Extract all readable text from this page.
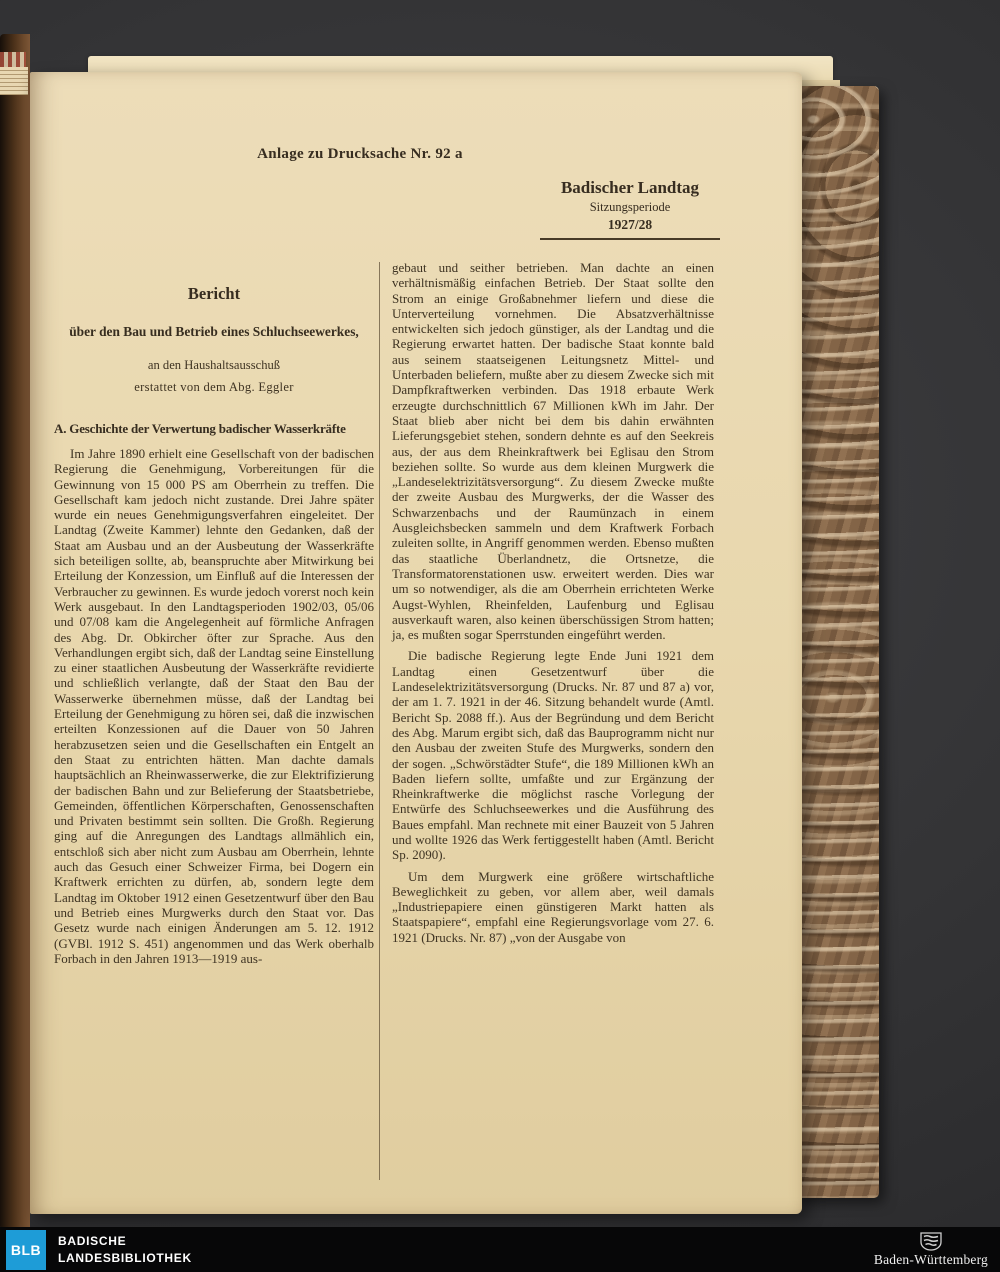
Anlage zu Drucksache Nr. 92 a
Badischer Landtag
Sitzungsperiode
1927/28
Bericht
über den Bau und Betrieb eines Schluchseewerkes,
an den Haushaltsausschuß
erstattet von dem Abg. Eggler
A. Geschichte der Verwertung badischer Wasserkräfte

Im Jahre 1890 erhielt eine Gesellschaft von der badischen Regierung die Genehmigung, Vorbereitungen für die Gewinnung von 15 000 PS am Oberrhein zu treffen. Die Gesellschaft kam jedoch nicht zustande. Drei Jahre später wurde ein neues Genehmigungsverfahren eingeleitet. Der Landtag (Zweite Kammer) lehnte den Gedanken, daß der Staat am Ausbau und an der Ausbeutung der Wasserkräfte sich beteiligen sollte, ab, beanspruchte aber Mitwirkung bei Erteilung der Konzession, um Einfluß auf die Interessen der Verbraucher zu gewinnen. Es wurde jedoch vorerst noch kein Werk ausgebaut. In den Landtagsperioden 1902/03, 05/06 und 07/08 kam die Angelegenheit auf förmliche Anfragen des Abg. Dr. Obkircher öfter zur Sprache. Aus den Verhandlungen ergibt sich, daß der Landtag seine Einstellung zu einer staatlichen Ausbeutung der Wasserkräfte revidierte und schließlich verlangte, daß der Staat den Bau der Wasserwerke übernehmen müsse, daß der Landtag bei Erteilung der Genehmigung zu hören sei, daß die inzwischen erteilten Konzessionen auf die Dauer von 50 Jahren herabzusetzen seien und die Gesellschaften ein Entgelt an den Staat zu entrichten hätten. Man dachte damals hauptsächlich an Rheinwasserwerke, die zur Elektrifizierung der badischen Bahn und zur Belieferung der Staatsbetriebe, Gemeinden, öffentlichen Körperschaften, Genossenschaften und Privaten bestimmt sein sollten. Die Großh. Regierung ging auf die Anregungen des Landtags allmählich ein, entschloß sich aber nicht zum Ausbau am Oberrhein, lehnte auch das Gesuch einer Schweizer Firma, bei Dogern ein Kraftwerk errichten zu dürfen, ab, sondern legte dem Landtag im Oktober 1912 einen Gesetzentwurf über den Bau und Betrieb eines Murgwerks durch den Staat vor. Das Gesetz wurde nach einigen Änderungen am 5. 12. 1912 (GVBl. 1912 S. 451) angenommen und das Werk oberhalb Forbach in den Jahren 1913—1919 aus-

gebaut und seither betrieben. Man dachte an einen verhältnismäßig einfachen Betrieb. Der Staat sollte den Strom an einige Großabnehmer liefern und diese die Unterverteilung vornehmen. Die Absatzverhältnisse entwickelten sich jedoch günstiger, als der Landtag und die Regierung erwartet hatten. Der badische Staat konnte bald aus seinem staatseigenen Leitungsnetz Mittel- und Unterbaden beliefern, mußte aber zu diesem Zwecke sich mit Dampfkraftwerken verbinden. Das 1918 erbaute Werk erzeugte durchschnittlich 67 Millionen kWh im Jahr. Der Staat blieb aber nicht bei dem bis dahin erwähnten Lieferungsgebiet stehen, sondern dehnte es auf den Seekreis aus, der aus dem Rheinkraftwerk bei Eglisau den Strom beziehen sollte. So wurde aus dem kleinen Murgwerk die „Landeselektrizitätsversorgung“. Zu diesem Zwecke mußte der zweite Ausbau des Murgwerks, der die Wasser des Schwarzenbachs und der Raumünzach in einem Ausgleichsbecken sammeln und dem Kraftwerk Forbach zuleiten sollte, in Angriff genommen werden. Ebenso mußten das staatliche Überlandnetz, die Ortsnetze, die Transformatorenstationen usw. erweitert werden. Dies war um so notwendiger, als die am Oberrhein errichteten Werke Augst-Wyhlen, Rheinfelden, Laufenburg und Eglisau ausverkauft waren, also keinen überschüssigen Strom hatten; ja, es mußten sogar Sperrstunden eingeführt werden.

Die badische Regierung legte Ende Juni 1921 dem Landtag einen Gesetzentwurf über die Landeselektrizitätsversorgung (Drucks. Nr. 87 und 87 a) vor, der am 1. 7. 1921 in der 46. Sitzung behandelt wurde (Amtl. Bericht Sp. 2088 ff.). Aus der Begründung und dem Bericht des Abg. Marum ergibt sich, daß das Bauprogramm nicht nur den Ausbau der zweiten Stufe des Murgwerks, sondern den der sogen. „Schwörstädter Stufe“, die 189 Millionen kWh an Baden liefern sollte, umfaßte und zur Ergänzung der Rheinkraftwerke die möglichst rasche Vorlegung der Entwürfe des Schluchseewerkes und die Ausführung des Baues empfahl. Man rechnete mit einer Bauzeit von 5 Jahren und wollte 1926 das Werk fertiggestellt haben (Amtl. Bericht Sp. 2090).

Um dem Murgwerk eine größere wirtschaftliche Beweglichkeit zu geben, vor allem aber, weil damals „Industriepapiere einen günstigeren Markt hatten als Staatspapiere“, empfahl eine Regierungsvorlage vom 27. 6. 1921 (Drucks. Nr. 87) „von der Ausgabe von

BLB
BADISCHE
LANDESBIBLIOTHEK	Baden-Württemberg
